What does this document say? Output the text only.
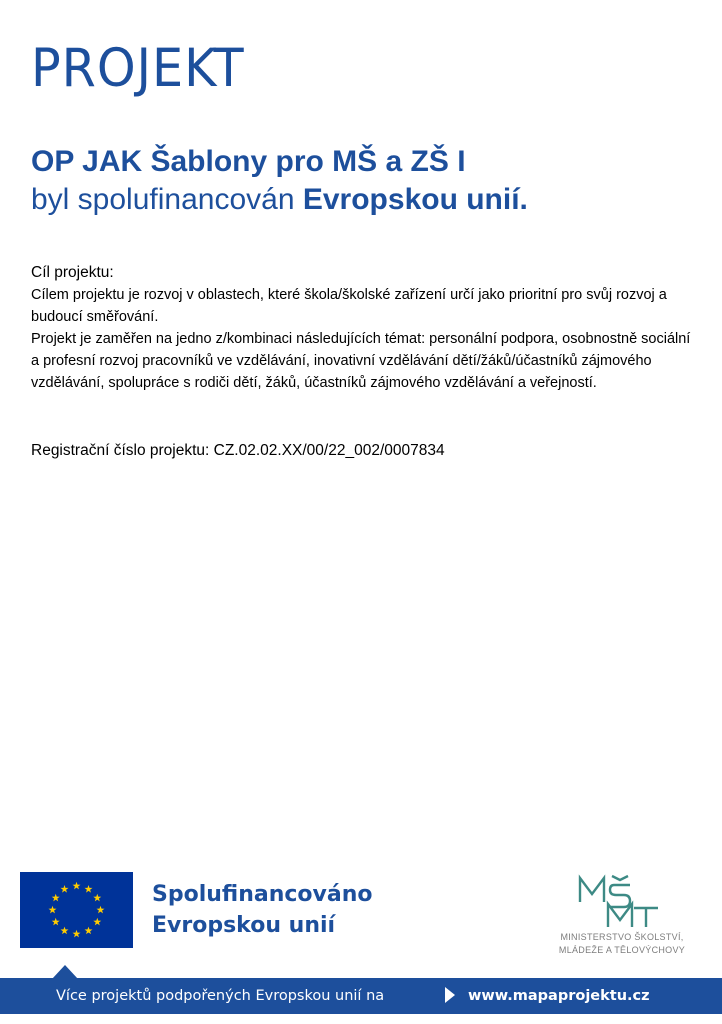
PROJEKT
OP JAK Šablony pro MŠ a ZŠ I
byl spolufinancován Evropskou unií.
Cíl projektu:

Cílem projektu je rozvoj v oblastech, které škola/školské zařízení určí jako prioritní pro svůj rozvoj a budoucí směřování.

Projekt je zaměřen na jedno z/kombinaci následujících témat: personální podpora, osobnostně sociální a profesní rozvoj pracovníků ve vzdělávání, inovativní vzdělávání dětí/žáků/účastníků zájmového vzdělávání, spolupráce s rodiči dětí, žáků, účastníků zájmového vzdělávání a veřejností.

Registrační číslo projektu: CZ.02.02.XX/00/22_002/0007834
Spolufinancováno
Evropskou unií	MINISTERSTVO ŠKOLSTVÍ,
MLÁDEŽE A TĚLOVÝCHOVY
Více projektů podpořených Evropskou unií na	www.mapaprojektu.cz
